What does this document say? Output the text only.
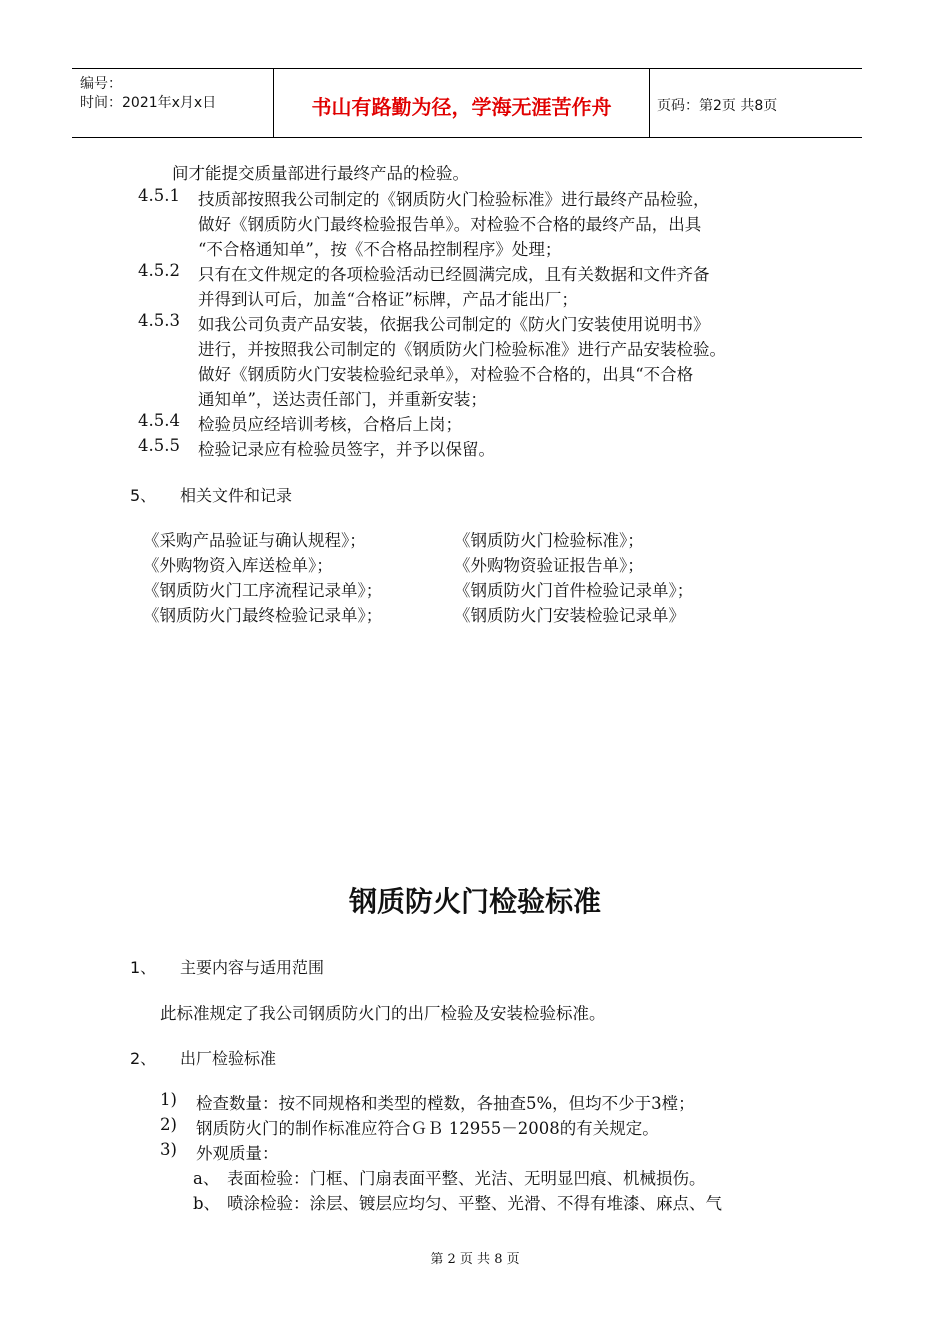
编号：
时间：2021年x月x日	书山有路勤为径，学海无涯苦作舟	页码：第2页 共8页
间才能提交质量部进行最终产品的检验。
4.5.1 技质部按照我公司制定的《钢质防火门检验标准》进行最终产品检验，
做好《钢质防火门最终检验报告单》。对检验不合格的最终产品，出具
“不合格通知单”，按《不合格品控制程序》处理；
4.5.2 只有在文件规定的各项检验活动已经圆满完成，且有关数据和文件齐备
并得到认可后，加盖“合格证”标牌，产品才能出厂；
4.5.3 如我公司负责产品安装，依据我公司制定的《防火门安装使用说明书》
进行，并按照我公司制定的《钢质防火门检验标准》进行产品安装检验。
做好《钢质防火门安装检验纪录单》，对检验不合格的，出具“不合格
通知单”，送达责任部门，并重新安装；
4.5.4 检验员应经培训考核，合格后上岗；
4.5.5 检验记录应有检验员签字，并予以保留。
5、 相关文件和记录
《采购产品验证与确认规程》；
《外购物资入库送检单》；
《钢质防火门工序流程记录单》；
《钢质防火门最终检验记录单》；
《钢质防火门检验标准》；
《外购物资验证报告单》；
《钢质防火门首件检验记录单》；
《钢质防火门安装检验记录单》
钢质防火门检验标准
1、 主要内容与适用范围
此标准规定了我公司钢质防火门的出厂检验及安装检验标准。
2、 出厂检验标准
1) 检查数量：按不同规格和类型的樘数，各抽查5%，但均不少于3樘；
2) 钢质防火门的制作标准应符合ＧＢ 12955－2008的有关规定。
3) 外观质量：
a、 表面检验：门框、门扇表面平整、光洁、无明显凹痕、机械损伤。
b、 喷涂检验：涂层、镀层应均匀、平整、光滑、不得有堆漆、麻点、气
第 2 页 共 8 页
